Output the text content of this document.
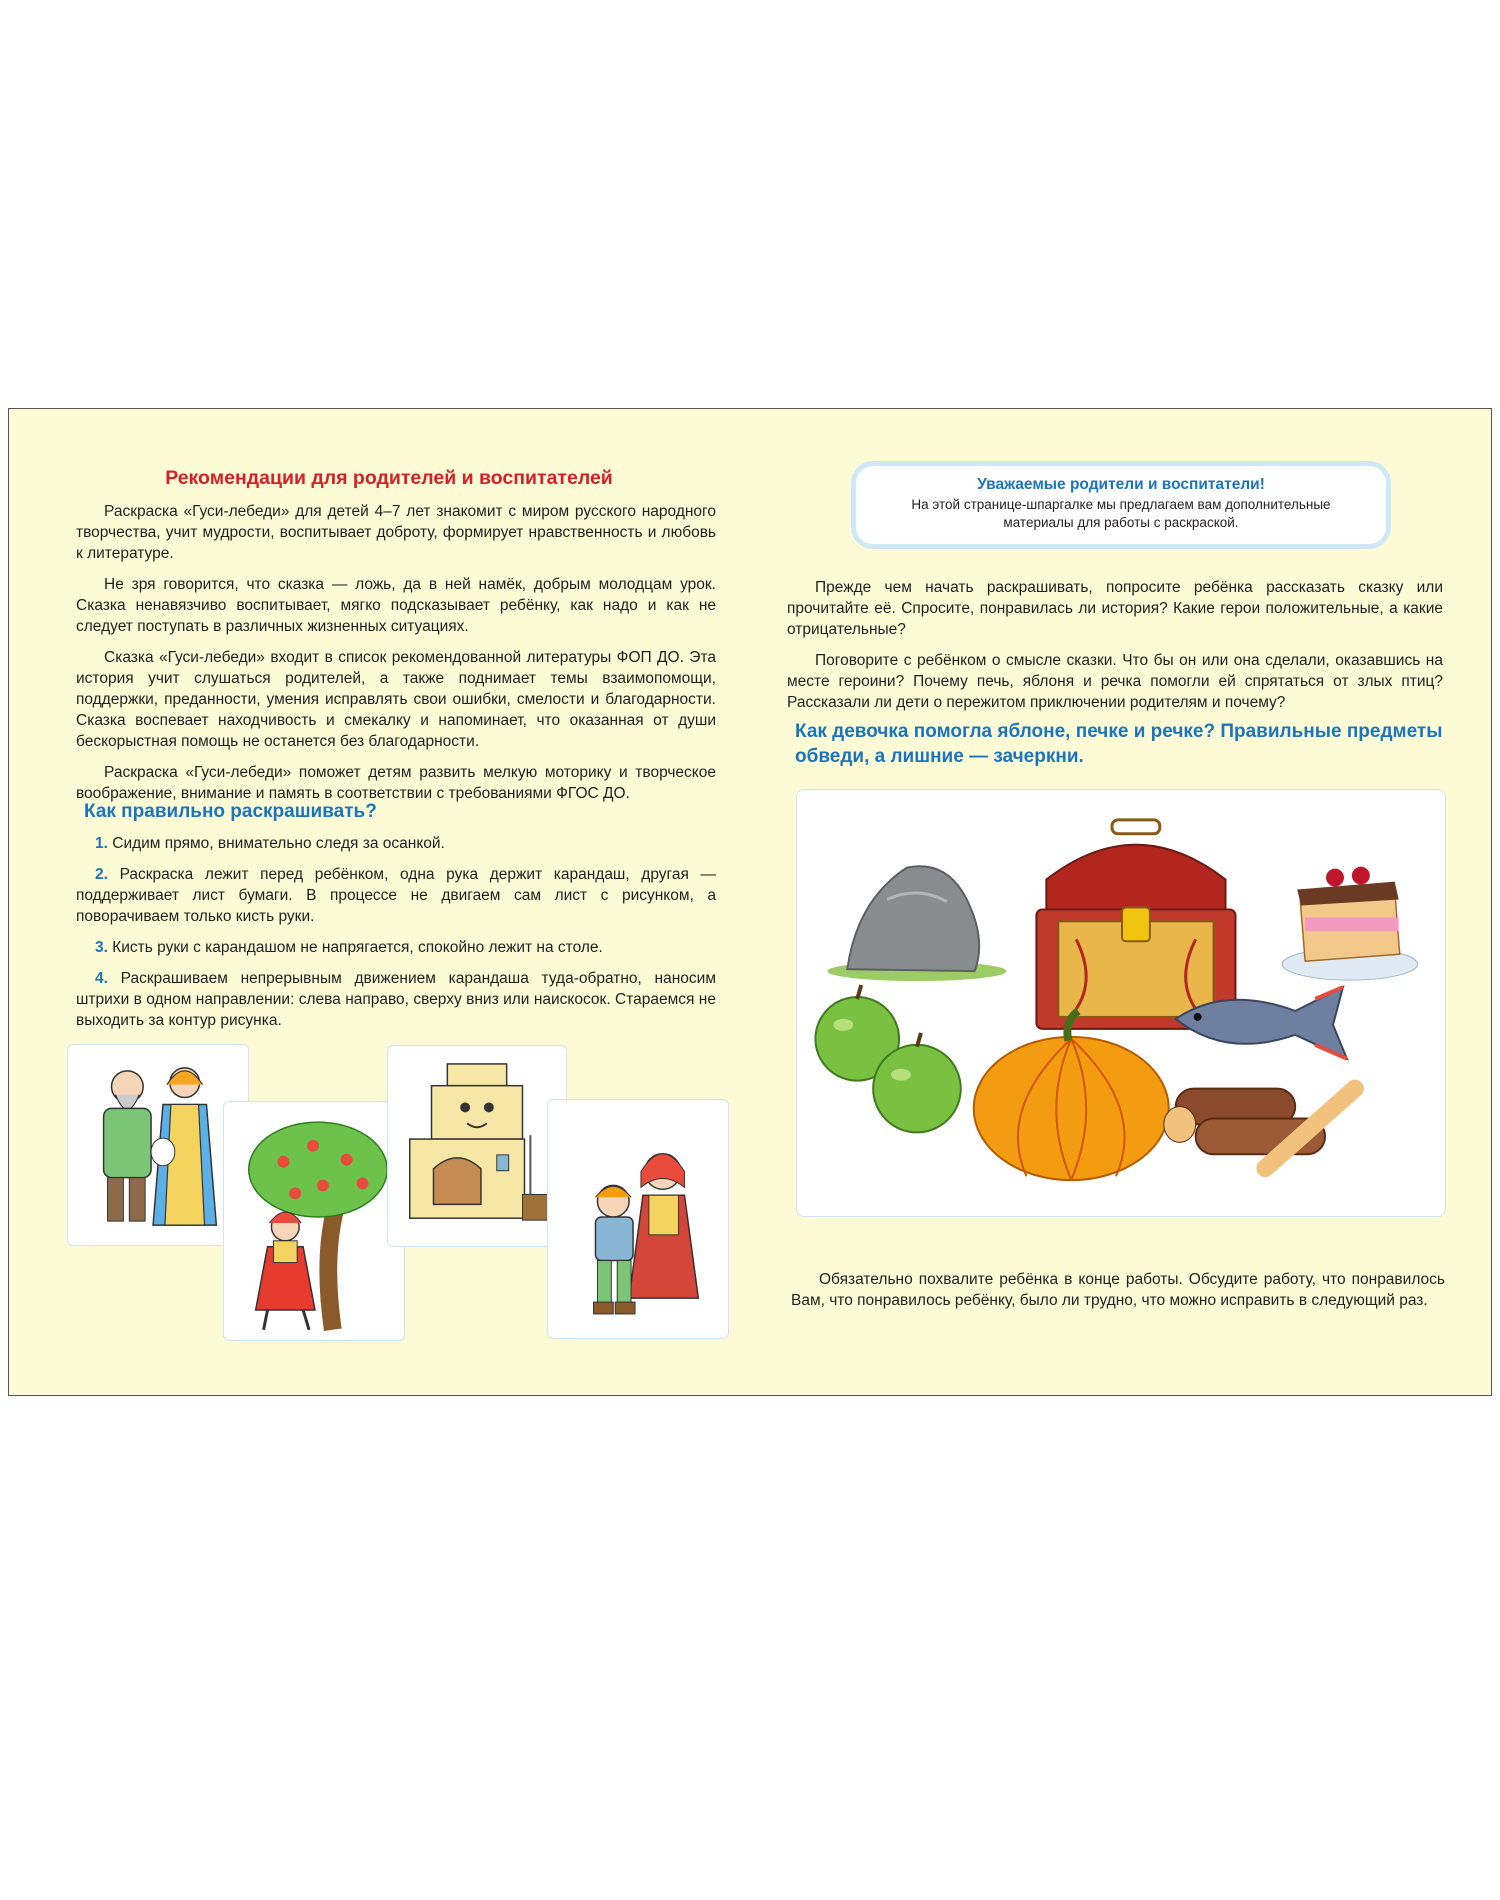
Рекомендации для родителей и воспитателей

Раскраска «Гуси-лебеди» для детей 4–7 лет знакомит с миром русского народного творчества, учит мудрости, воспитывает доброту, формирует нравственность и любовь к литературе.

Не зря говорится, что сказка — ложь, да в ней намёк, добрым молодцам урок. Сказка ненавязчиво воспитывает, мягко подсказывает ребёнку, как надо и как не следует поступать в различных жизненных ситуациях.

Сказка «Гуси-лебеди» входит в список рекомендованной литературы ФОП ДО. Эта история учит слушаться родителей, а также поднимает темы взаимопомощи, поддержки, преданности, умения исправлять свои ошибки, смелости и благодарности. Сказка воспевает находчивость и смекалку и напоминает, что оказанная от души бескорыстная помощь не останется без благодарности.

Раскраска «Гуси-лебеди» поможет детям развить мелкую моторику и творческое воображение, внимание и память в соответствии с требованиями ФГОС ДО.

Как правильно раскрашивать?

1. Сидим прямо, внимательно следя за осанкой.

2. Раскраска лежит перед ребёнком, одна рука держит карандаш, другая — поддерживает лист бумаги. В процессе не двигаем сам лист с рисунком, а поворачиваем только кисть руки.

3. Кисть руки с карандашом не напрягается, спокойно лежит на столе.

4. Раскрашиваем непрерывным движением карандаша туда-обратно, наносим штрихи в одном направлении: слева направо, сверху вниз или наискосок. Стараемся не выходить за контур рисунка.

Уважаемые родители и воспитатели!
На этой странице-шпаргалке мы предлагаем вам дополнительные материалы для работы с раскраской.

Прежде чем начать раскрашивать, попросите ребёнка рассказать сказку или прочитайте её. Спросите, понравилась ли история? Какие герои положительные, а какие отрицательные?

Поговорите с ребёнком о смысле сказки. Что бы он или она сделали, оказавшись на месте героини? Почему печь, яблоня и речка помогли ей спрятаться от злых птиц? Рассказали ли дети о пережитом приключении родителям и почему?

Как девочка помогла яблоне, печке и речке? Правильные предметы обведи, а лишние — зачеркни.

Обязательно похвалите ребёнка в конце работы. Обсудите работу, что понравилось Вам, что понравилось ребёнку, было ли трудно, что можно исправить в следующий раз.
